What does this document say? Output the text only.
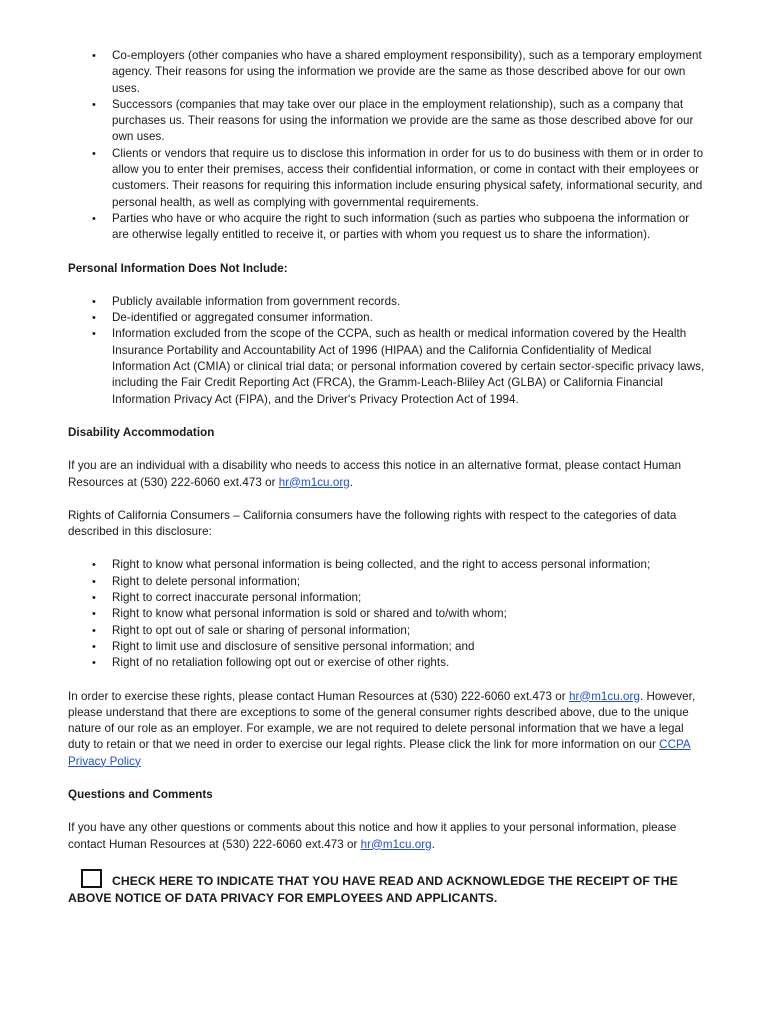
• Co-employers (other companies who have a shared employment responsibility), such as a temporary employment agency. Their reasons for using the information we provide are the same as those described above for our own uses.
• Successors (companies that may take over our place in the employment relationship), such as a company that purchases us. Their reasons for using the information we provide are the same as those described above for our own uses.
• Clients or vendors that require us to disclose this information in order for us to do business with them or in order to allow you to enter their premises, access their confidential information, or come in contact with their employees or customers. Their reasons for requiring this information include ensuring physical safety, informational security, and personal health, as well as complying with governmental requirements.
• Parties who have or who acquire the right to such information (such as parties who subpoena the information or are otherwise legally entitled to receive it, or parties with whom you request us to share the information).

Personal Information Does Not Include:

• Publicly available information from government records.
• De-identified or aggregated consumer information.
• Information excluded from the scope of the CCPA, such as health or medical information covered by the Health Insurance Portability and Accountability Act of 1996 (HIPAA) and the California Confidentiality of Medical Information Act (CMIA) or clinical trial data; or personal information covered by certain sector-specific privacy laws, including the Fair Credit Reporting Act (FRCA), the Gramm-Leach-Bliley Act (GLBA) or California Financial Information Privacy Act (FIPA), and the Driver's Privacy Protection Act of 1994.

Disability Accommodation

If you are an individual with a disability who needs to access this notice in an alternative format, please contact Human Resources at (530) 222-6060 ext.473 or hr@m1cu.org.

Rights of California Consumers – California consumers have the following rights with respect to the categories of data described in this disclosure:

• Right to know what personal information is being collected, and the right to access personal information;
• Right to delete personal information;
• Right to correct inaccurate personal information;
• Right to know what personal information is sold or shared and to/with whom;
• Right to opt out of sale or sharing of personal information;
• Right to limit use and disclosure of sensitive personal information; and
• Right of no retaliation following opt out or exercise of other rights.

In order to exercise these rights, please contact Human Resources at (530) 222-6060 ext.473 or hr@m1cu.org. However, please understand that there are exceptions to some of the general consumer rights described above, due to the unique nature of our role as an employer. For example, we are not required to delete personal information that we have a legal duty to retain or that we need in order to exercise our legal rights. Please click the link for more information on our CCPA Privacy Policy

Questions and Comments

If you have any other questions or comments about this notice and how it applies to your personal information, please contact Human Resources at (530) 222-6060 ext.473 or hr@m1cu.org.

CHECK HERE TO INDICATE THAT YOU HAVE READ AND ACKNOWLEDGE THE RECEIPT OF THE ABOVE NOTICE OF DATA PRIVACY FOR EMPLOYEES AND APPLICANTS.
